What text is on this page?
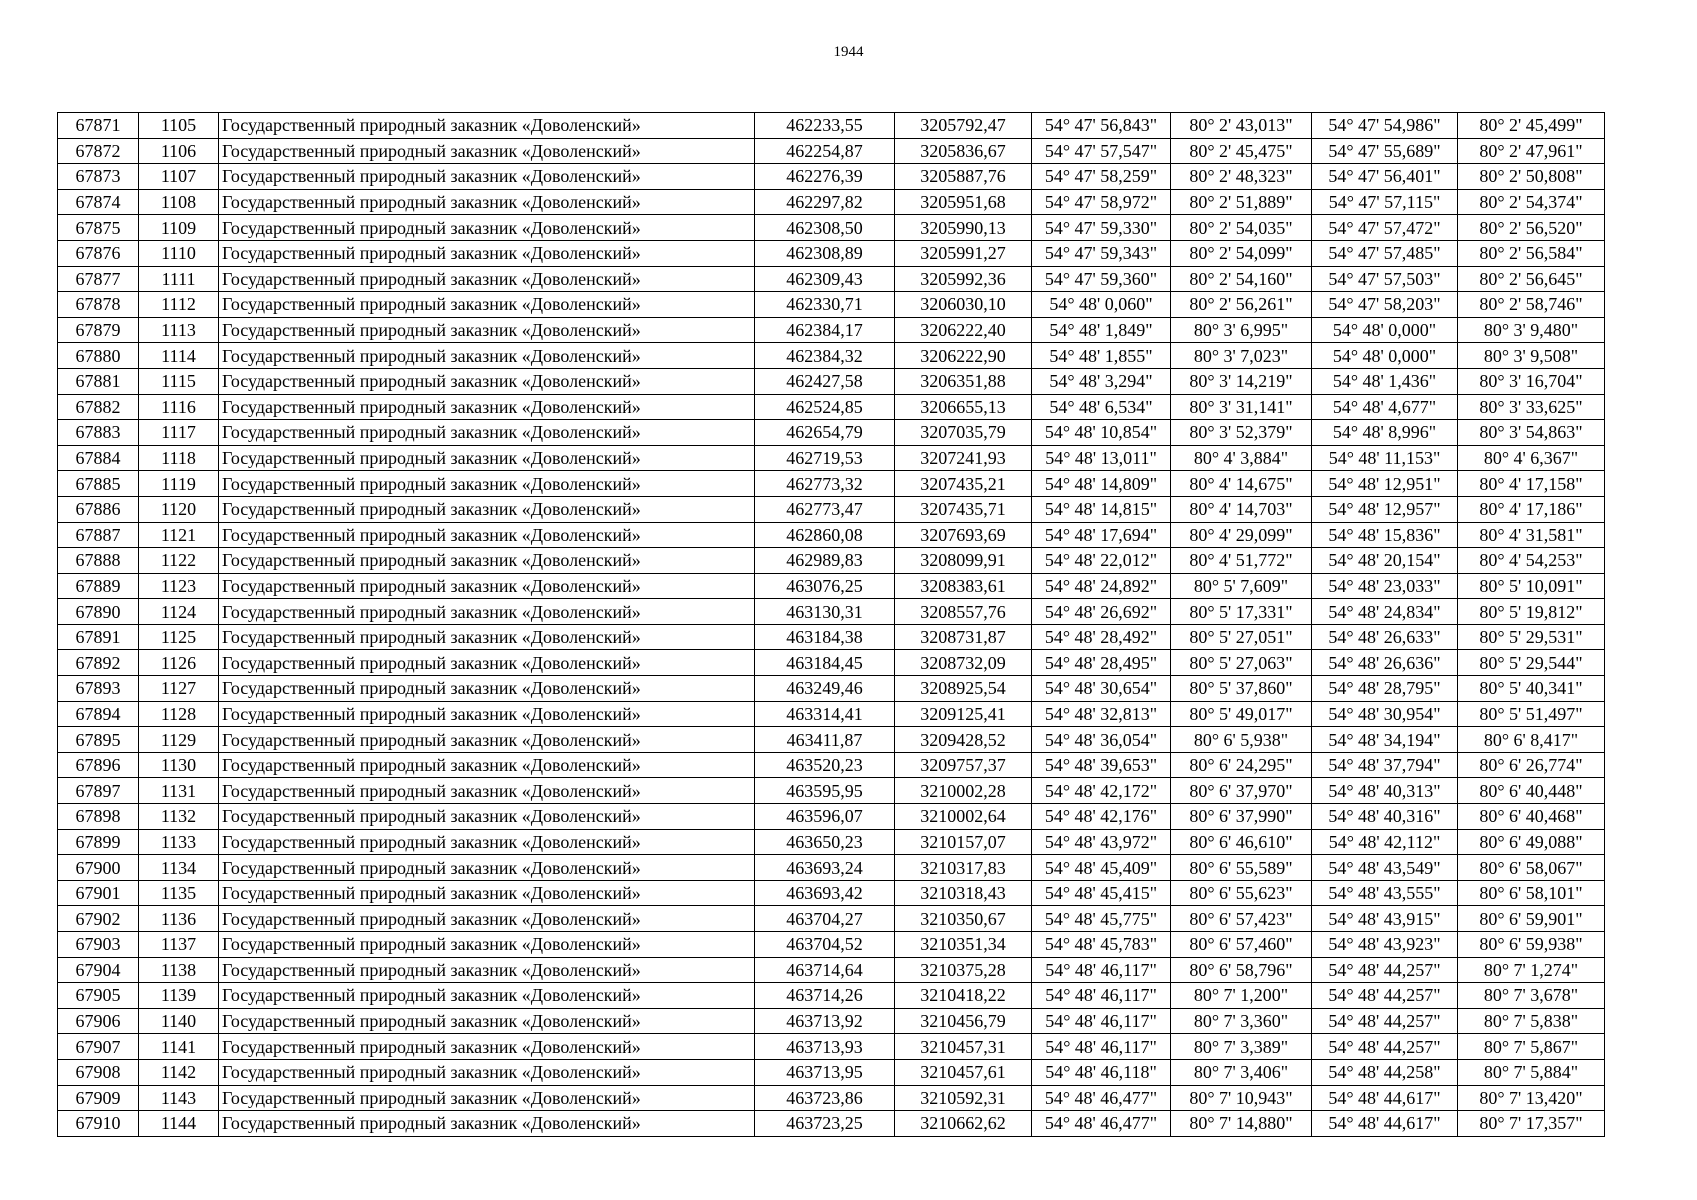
1944
67871	1105	Государственный природный заказник «Доволенский»	462233,55	3205792,47	54° 47' 56,843"	80° 2' 43,013"	54° 47' 54,986"	80° 2' 45,499"
67872	1106	Государственный природный заказник «Доволенский»	462254,87	3205836,67	54° 47' 57,547"	80° 2' 45,475"	54° 47' 55,689"	80° 2' 47,961"
67873	1107	Государственный природный заказник «Доволенский»	462276,39	3205887,76	54° 47' 58,259"	80° 2' 48,323"	54° 47' 56,401"	80° 2' 50,808"
67874	1108	Государственный природный заказник «Доволенский»	462297,82	3205951,68	54° 47' 58,972"	80° 2' 51,889"	54° 47' 57,115"	80° 2' 54,374"
67875	1109	Государственный природный заказник «Доволенский»	462308,50	3205990,13	54° 47' 59,330"	80° 2' 54,035"	54° 47' 57,472"	80° 2' 56,520"
67876	1110	Государственный природный заказник «Доволенский»	462308,89	3205991,27	54° 47' 59,343"	80° 2' 54,099"	54° 47' 57,485"	80° 2' 56,584"
67877	1111	Государственный природный заказник «Доволенский»	462309,43	3205992,36	54° 47' 59,360"	80° 2' 54,160"	54° 47' 57,503"	80° 2' 56,645"
67878	1112	Государственный природный заказник «Доволенский»	462330,71	3206030,10	54° 48' 0,060"	80° 2' 56,261"	54° 47' 58,203"	80° 2' 58,746"
67879	1113	Государственный природный заказник «Доволенский»	462384,17	3206222,40	54° 48' 1,849"	80° 3' 6,995"	54° 48' 0,000"	80° 3' 9,480"
67880	1114	Государственный природный заказник «Доволенский»	462384,32	3206222,90	54° 48' 1,855"	80° 3' 7,023"	54° 48' 0,000"	80° 3' 9,508"
67881	1115	Государственный природный заказник «Доволенский»	462427,58	3206351,88	54° 48' 3,294"	80° 3' 14,219"	54° 48' 1,436"	80° 3' 16,704"
67882	1116	Государственный природный заказник «Доволенский»	462524,85	3206655,13	54° 48' 6,534"	80° 3' 31,141"	54° 48' 4,677"	80° 3' 33,625"
67883	1117	Государственный природный заказник «Доволенский»	462654,79	3207035,79	54° 48' 10,854"	80° 3' 52,379"	54° 48' 8,996"	80° 3' 54,863"
67884	1118	Государственный природный заказник «Доволенский»	462719,53	3207241,93	54° 48' 13,011"	80° 4' 3,884"	54° 48' 11,153"	80° 4' 6,367"
67885	1119	Государственный природный заказник «Доволенский»	462773,32	3207435,21	54° 48' 14,809"	80° 4' 14,675"	54° 48' 12,951"	80° 4' 17,158"
67886	1120	Государственный природный заказник «Доволенский»	462773,47	3207435,71	54° 48' 14,815"	80° 4' 14,703"	54° 48' 12,957"	80° 4' 17,186"
67887	1121	Государственный природный заказник «Доволенский»	462860,08	3207693,69	54° 48' 17,694"	80° 4' 29,099"	54° 48' 15,836"	80° 4' 31,581"
67888	1122	Государственный природный заказник «Доволенский»	462989,83	3208099,91	54° 48' 22,012"	80° 4' 51,772"	54° 48' 20,154"	80° 4' 54,253"
67889	1123	Государственный природный заказник «Доволенский»	463076,25	3208383,61	54° 48' 24,892"	80° 5' 7,609"	54° 48' 23,033"	80° 5' 10,091"
67890	1124	Государственный природный заказник «Доволенский»	463130,31	3208557,76	54° 48' 26,692"	80° 5' 17,331"	54° 48' 24,834"	80° 5' 19,812"
67891	1125	Государственный природный заказник «Доволенский»	463184,38	3208731,87	54° 48' 28,492"	80° 5' 27,051"	54° 48' 26,633"	80° 5' 29,531"
67892	1126	Государственный природный заказник «Доволенский»	463184,45	3208732,09	54° 48' 28,495"	80° 5' 27,063"	54° 48' 26,636"	80° 5' 29,544"
67893	1127	Государственный природный заказник «Доволенский»	463249,46	3208925,54	54° 48' 30,654"	80° 5' 37,860"	54° 48' 28,795"	80° 5' 40,341"
67894	1128	Государственный природный заказник «Доволенский»	463314,41	3209125,41	54° 48' 32,813"	80° 5' 49,017"	54° 48' 30,954"	80° 5' 51,497"
67895	1129	Государственный природный заказник «Доволенский»	463411,87	3209428,52	54° 48' 36,054"	80° 6' 5,938"	54° 48' 34,194"	80° 6' 8,417"
67896	1130	Государственный природный заказник «Доволенский»	463520,23	3209757,37	54° 48' 39,653"	80° 6' 24,295"	54° 48' 37,794"	80° 6' 26,774"
67897	1131	Государственный природный заказник «Доволенский»	463595,95	3210002,28	54° 48' 42,172"	80° 6' 37,970"	54° 48' 40,313"	80° 6' 40,448"
67898	1132	Государственный природный заказник «Доволенский»	463596,07	3210002,64	54° 48' 42,176"	80° 6' 37,990"	54° 48' 40,316"	80° 6' 40,468"
67899	1133	Государственный природный заказник «Доволенский»	463650,23	3210157,07	54° 48' 43,972"	80° 6' 46,610"	54° 48' 42,112"	80° 6' 49,088"
67900	1134	Государственный природный заказник «Доволенский»	463693,24	3210317,83	54° 48' 45,409"	80° 6' 55,589"	54° 48' 43,549"	80° 6' 58,067"
67901	1135	Государственный природный заказник «Доволенский»	463693,42	3210318,43	54° 48' 45,415"	80° 6' 55,623"	54° 48' 43,555"	80° 6' 58,101"
67902	1136	Государственный природный заказник «Доволенский»	463704,27	3210350,67	54° 48' 45,775"	80° 6' 57,423"	54° 48' 43,915"	80° 6' 59,901"
67903	1137	Государственный природный заказник «Доволенский»	463704,52	3210351,34	54° 48' 45,783"	80° 6' 57,460"	54° 48' 43,923"	80° 6' 59,938"
67904	1138	Государственный природный заказник «Доволенский»	463714,64	3210375,28	54° 48' 46,117"	80° 6' 58,796"	54° 48' 44,257"	80° 7' 1,274"
67905	1139	Государственный природный заказник «Доволенский»	463714,26	3210418,22	54° 48' 46,117"	80° 7' 1,200"	54° 48' 44,257"	80° 7' 3,678"
67906	1140	Государственный природный заказник «Доволенский»	463713,92	3210456,79	54° 48' 46,117"	80° 7' 3,360"	54° 48' 44,257"	80° 7' 5,838"
67907	1141	Государственный природный заказник «Доволенский»	463713,93	3210457,31	54° 48' 46,117"	80° 7' 3,389"	54° 48' 44,257"	80° 7' 5,867"
67908	1142	Государственный природный заказник «Доволенский»	463713,95	3210457,61	54° 48' 46,118"	80° 7' 3,406"	54° 48' 44,258"	80° 7' 5,884"
67909	1143	Государственный природный заказник «Доволенский»	463723,86	3210592,31	54° 48' 46,477"	80° 7' 10,943"	54° 48' 44,617"	80° 7' 13,420"
67910	1144	Государственный природный заказник «Доволенский»	463723,25	3210662,62	54° 48' 46,477"	80° 7' 14,880"	54° 48' 44,617"	80° 7' 17,357"
